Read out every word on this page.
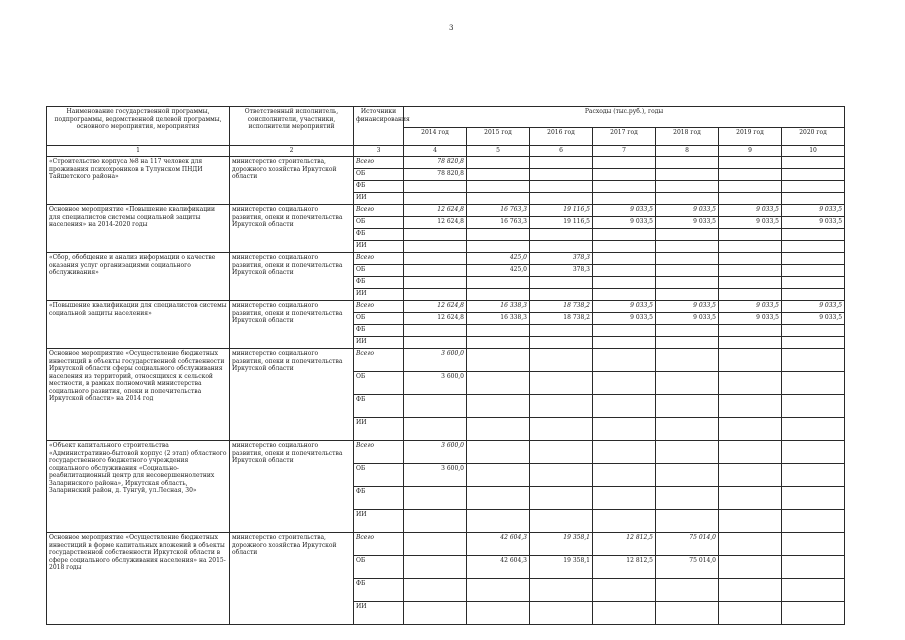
3
Наименование государственной программы, подпрограммы, ведомственной целевой программы, основного мероприятия, мероприятия	Ответственный исполнитель, соисполнители, участники, исполнители мероприятий	Источники финансирования	Расходы (тыс.руб.), годы						
			2014 год	2015 год	2016 год	2017 год	2018 год	2019 год	2020 год
1	2	3	4	5	6	7	8	9	10
«Строительство корпуса №8 на 117 человек для проживания психохроников в Тулунском ПНДИ Тайшетского района»	министерство строительства, дорожного хозяйства Иркутской области	Всего	78 820,8						
		ОБ	78 820,8						
		ФБ							
		ИИ							
Основное мероприятие «Повышение квалификации для специалистов системы социальной защиты населения» на 2014-2020 годы	министерство социального развития, опеки и попечительства Иркутской области	Всего	12 624,8	16 763,3	19 116,5	9 033,5	9 033,5	9 033,5	9 033,5
		ОБ	12 624,8	16 763,3	19 116,5	9 033,5	9 033,5	9 033,5	9 033,5
		ФБ							
		ИИ							
«Сбор, обобщение и анализ информации о качестве оказания услуг организациями социального обслуживания»	министерство социального развития, опеки и попечительства Иркутской области	Всего		425,0	378,3				
		ОБ		425,0	378,3				
		ФБ							
		ИИ							
«Повышение квалификации для специалистов системы социальной защиты населения»	министерство социального развития, опеки и попечительства Иркутской области	Всего	12 624,8	16 338,3	18 738,2	9 033,5	9 033,5	9 033,5	9 033,5
		ОБ	12 624,8	16 338,3	18 738,2	9 033,5	9 033,5	9 033,5	9 033,5
		ФБ							
		ИИ							
Основное мероприятие «Осуществление бюджетных инвестиций в объекты государственной собственности Иркутской области сферы социального обслуживания населения из территорий, относящихся к сельской местности, в рамках полномочий министерства социального развития, опеки и попечительства Иркутской области» на 2014 год	министерство социального развития, опеки и попечительства Иркутской области	Всего	3 600,0						
		ОБ	3 600,0						
		ФБ							
		ИИ							
«Объект капитального строительства «Административно-бытовой корпус (2 этап) областного государственного бюджетного учреждения социального обслуживания «Социально-реабилитационный центр для несовершеннолетних Заларинского района», Иркутская область, Заларинский район, д. Тунгуй, ул.Лесная, 30»	министерство социального развития, опеки и попечительства Иркутской области	Всего	3 600,0						
		ОБ	3 600,0						
		ФБ							
		ИИ							
Основное мероприятие «Осуществление бюджетных инвестиций в форме капитальных вложений в объекты государственной собственности Иркутской области в сфере социального обслуживания населения» на 2015-2018 годы	министерство строительства, дорожного хозяйства Иркутской области	Всего		42 604,3	19 358,1	12 812,5	75 014,0		
		ОБ		42 604,3	19 358,1	12 812,5	75 014,0		
		ФБ							
		ИИ							
